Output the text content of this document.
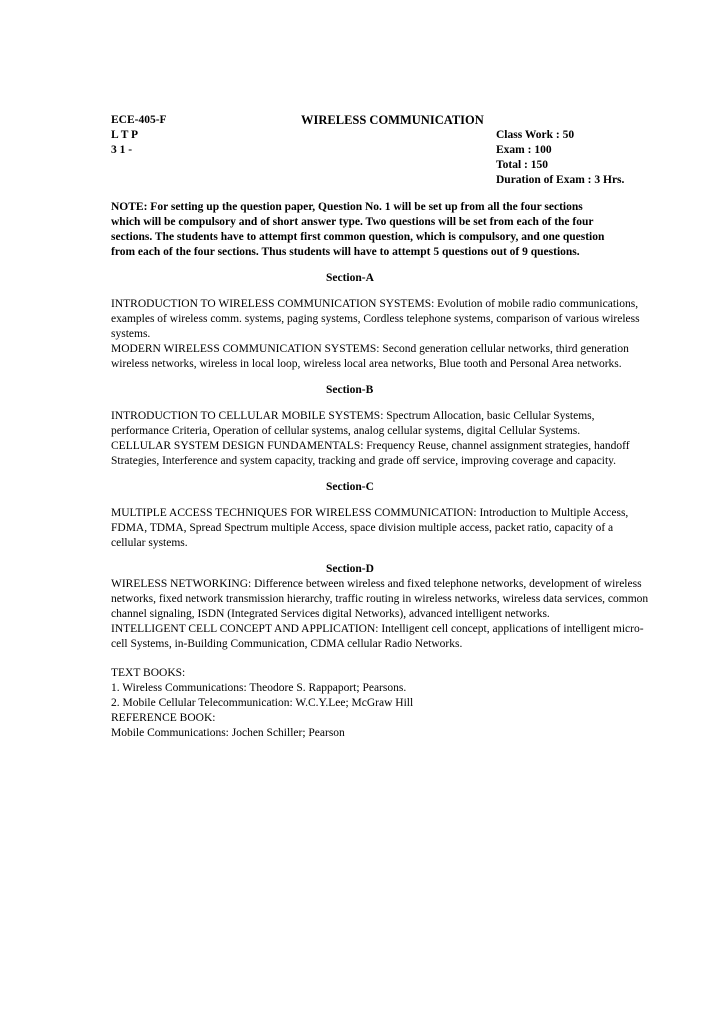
ECE-405-F	WIRELESS COMMUNICATION
L T P	Class Work : 50
3 1 -	Exam : 100
Total : 150
Duration of Exam : 3 Hrs.
NOTE: For setting up the question paper, Question No. 1 will be set up from all the four sections
which will be compulsory and of short answer type. Two questions will be set from each of the four
sections. The students have to attempt first common question, which is compulsory, and one question
from each of the four sections. Thus students will have to attempt 5 questions out of 9 questions.
Section-A
INTRODUCTION TO WIRELESS COMMUNICATION SYSTEMS: Evolution of mobile radio communications,
examples of wireless comm. systems, paging systems, Cordless telephone systems, comparison of various wireless
systems.
MODERN WIRELESS COMMUNICATION SYSTEMS: Second generation cellular networks, third generation
wireless networks, wireless in local loop, wireless local area networks, Blue tooth and Personal Area networks.
Section-B
INTRODUCTION TO CELLULAR MOBILE SYSTEMS: Spectrum Allocation, basic Cellular Systems,
performance Criteria, Operation of cellular systems, analog cellular systems, digital Cellular Systems.
CELLULAR SYSTEM DESIGN FUNDAMENTALS: Frequency Reuse, channel assignment strategies, handoff
Strategies, Interference and system capacity, tracking and grade off service, improving coverage and capacity.
Section-C
MULTIPLE ACCESS TECHNIQUES FOR WIRELESS COMMUNICATION: Introduction to Multiple Access,
FDMA, TDMA, Spread Spectrum multiple Access, space division multiple access, packet ratio, capacity of a
cellular systems.
Section-D
WIRELESS NETWORKING: Difference between wireless and fixed telephone networks, development of wireless
networks, fixed network transmission hierarchy, traffic routing in wireless networks, wireless data services, common
channel signaling, ISDN (Integrated Services digital Networks), advanced intelligent networks.
INTELLIGENT CELL CONCEPT AND APPLICATION: Intelligent cell concept, applications of intelligent micro-
cell Systems, in-Building Communication, CDMA cellular Radio Networks.
TEXT BOOKS:
1. Wireless Communications: Theodore S. Rappaport; Pearsons.
2. Mobile Cellular Telecommunication: W.C.Y.Lee; McGraw Hill
REFERENCE BOOK:
Mobile Communications: Jochen Schiller; Pearson
